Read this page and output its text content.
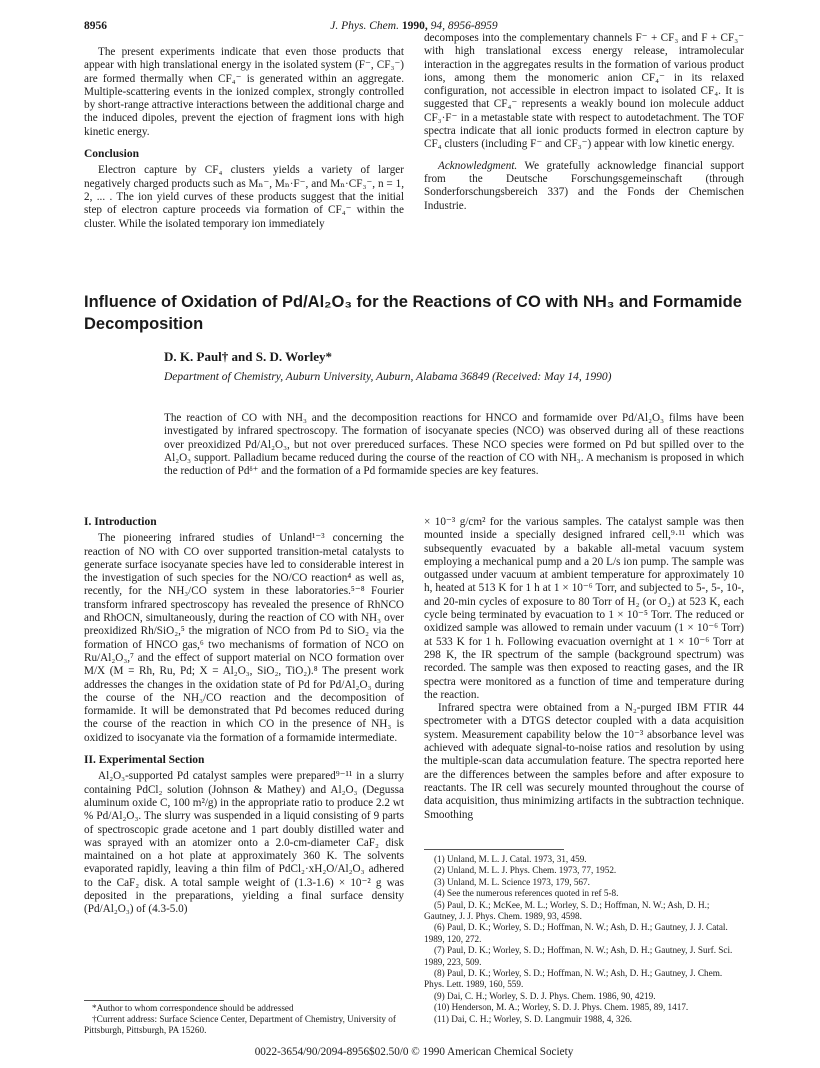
J. Phys. Chem. 1990, 94, 8956-8959
8956

The present experiments indicate that even those products that appear with high translational energy in the isolated system (F⁻, CF₃⁻) are formed thermally when CF₄⁻ is generated within an aggregate. Multiple-scattering events in the ionized complex, strongly controlled by short-range attractive interactions between the additional charge and the induced dipoles, prevent the ejection of fragment ions with high kinetic energy.

Conclusion

Electron capture by CF₄ clusters yields a variety of larger negatively charged products such as Mₙ⁻, Mₙ·F⁻, and Mₙ·CF₃⁻, n = 1, 2, ... . The ion yield curves of these products suggest that the initial step of electron capture proceeds via formation of CF₄⁻ within the cluster. While the isolated temporary ion immediately

decomposes into the complementary channels F⁻ + CF₃ and F + CF₃⁻ with high translational excess energy release, intramolecular interaction in the aggregates results in the formation of various product ions, among them the monomeric anion CF₄⁻ in its relaxed configuration, not accessible in electron impact to isolated CF₄. It is suggested that CF₄⁻ represents a weakly bound ion molecule adduct CF₃·F⁻ in a metastable state with respect to autodetachment. The TOF spectra indicate that all ionic products formed in electron capture by CF₄ clusters (including F⁻ and CF₃⁻) appear with low kinetic energy.

Acknowledgment. We gratefully acknowledge financial support from the Deutsche Forschungsgemeinschaft (through Sonderforschungsbereich 337) and the Fonds der Chemischen Industrie.

Influence of Oxidation of Pd/Al₂O₃ for the Reactions of CO with NH₃ and Formamide Decomposition
D. K. Paul† and S. D. Worley*
Department of Chemistry, Auburn University, Auburn, Alabama 36849 (Received: May 14, 1990)
The reaction of CO with NH₃ and the decomposition reactions for HNCO and formamide over Pd/Al₂O₃ films have been investigated by infrared spectroscopy. The formation of isocyanate species (NCO) was observed during all of these reactions over preoxidized Pd/Al₂O₃, but not over prereduced surfaces. These NCO species were formed on Pd but spilled over to the Al₂O₃ support. Palladium became reduced during the course of the reaction of CO with NH₃. A mechanism is proposed in which the reduction of Pdᵟ⁺ and the formation of a Pd formamide species are key features.
I. Introduction

The pioneering infrared studies of Unland¹⁻³ concerning the reaction of NO with CO over supported transition-metal catalysts to generate surface isocyanate species have led to considerable interest in the investigation of such species for the NO/CO reaction⁴ as well as, recently, for the NH₃/CO system in these laboratories.⁵⁻⁸ Fourier transform infrared spectroscopy has revealed the presence of RhNCO and RhOCN, simultaneously, during the reaction of CO with NH₃ over preoxidized Rh/SiO₂,⁵ the migration of NCO from Pd to SiO₂ via the formation of HNCO gas,⁶ two mechanisms of formation of NCO on Ru/Al₂O₃,⁷ and the effect of support material on NCO formation over M/X (M = Rh, Ru, Pd; X = Al₂O₃, SiO₂, TiO₂).⁸ The present work addresses the changes in the oxidation state of Pd for Pd/Al₂O₃ during the course of the NH₃/CO reaction and the decomposition of formamide. It will be demonstrated that Pd becomes reduced during the course of the reaction in which CO in the presence of NH₃ is oxidized to isocyanate via the formation of a formamide intermediate.

II. Experimental Section

Al₂O₃-supported Pd catalyst samples were prepared⁹⁻¹¹ in a slurry containing PdCl₂ solution (Johnson & Mathey) and Al₂O₃ (Degussa aluminum oxide C, 100 m²/g) in the appropriate ratio to produce 2.2 wt % Pd/Al₂O₃. The slurry was suspended in a liquid consisting of 9 parts of spectroscopic grade acetone and 1 part doubly distilled water and was sprayed with an atomizer onto a 2.0-cm-diameter CaF₂ disk maintained on a hot plate at approximately 360 K. The solvents evaporated rapidly, leaving a thin film of PdCl₂·xH₂O/Al₂O₃ adhered to the CaF₂ disk. A total sample weight of (1.3-1.6) × 10⁻² g was deposited in the preparations, yielding a final surface density (Pd/Al₂O₃) of (4.3-5.0)

× 10⁻³ g/cm² for the various samples. The catalyst sample was then mounted inside a specially designed infrared cell,⁹·¹¹ which was subsequently evacuated by a bakable all-metal vacuum system employing a mechanical pump and a 20 L/s ion pump. The sample was outgassed under vacuum at ambient temperature for approximately 10 h, heated at 513 K for 1 h at 1 × 10⁻⁶ Torr, and subjected to 5-, 5-, 10-, and 20-min cycles of exposure to 80 Torr of H₂ (or O₂) at 523 K, each cycle being terminated by evacuation to 1 × 10⁻⁵ Torr. The reduced or oxidized sample was allowed to remain under vacuum (1 × 10⁻⁶ Torr) at 533 K for 1 h. Following evacuation overnight at 1 × 10⁻⁶ Torr at 298 K, the IR spectrum of the sample (background spectrum) was recorded. The sample was then exposed to reacting gases, and the IR spectra were monitored as a function of time and temperature during the reaction.

Infrared spectra were obtained from a N₂-purged IBM FTIR 44 spectrometer with a DTGS detector coupled with a data acquisition system. Measurement capability below the 10⁻³ absorbance level was achieved with adequate signal-to-noise ratios and resolution by using the multiple-scan data accumulation feature. The spectra reported here are the differences between the samples before and after exposure to reactants. The IR cell was securely mounted throughout the course of data acquisition, thus minimizing artifacts in the subtraction technique. Smoothing

(1) Unland, M. L. J. Catal. 1973, 31, 459.
(2) Unland, M. L. J. Phys. Chem. 1973, 77, 1952.
(3) Unland, M. L. Science 1973, 179, 567.
(4) See the numerous references quoted in ref 5-8.
(5) Paul, D. K.; McKee, M. L.; Worley, S. D.; Hoffman, N. W.; Ash, D. H.; Gautney, J. J. Phys. Chem. 1989, 93, 4598.
(6) Paul, D. K.; Worley, S. D.; Hoffman, N. W.; Ash, D. H.; Gautney, J. J. Catal. 1989, 120, 272.
(7) Paul, D. K.; Worley, S. D.; Hoffman, N. W.; Ash, D. H.; Gautney, J. Surf. Sci. 1989, 223, 509.
(8) Paul, D. K.; Worley, S. D.; Hoffman, N. W.; Ash, D. H.; Gautney, J. Chem. Phys. Lett. 1989, 160, 559.
(9) Dai, C. H.; Worley, S. D. J. Phys. Chem. 1986, 90, 4219.
(10) Henderson, M. A.; Worley, S. D. J. Phys. Chem. 1985, 89, 1417.
(11) Dai, C. H.; Worley, S. D. Langmuir 1988, 4, 326.
*Author to whom correspondence should be addressed
†Current address: Surface Science Center, Department of Chemistry, University of Pittsburgh, Pittsburgh, PA 15260.
0022-3654/90/2094-8956$02.50/0 © 1990 American Chemical Society
